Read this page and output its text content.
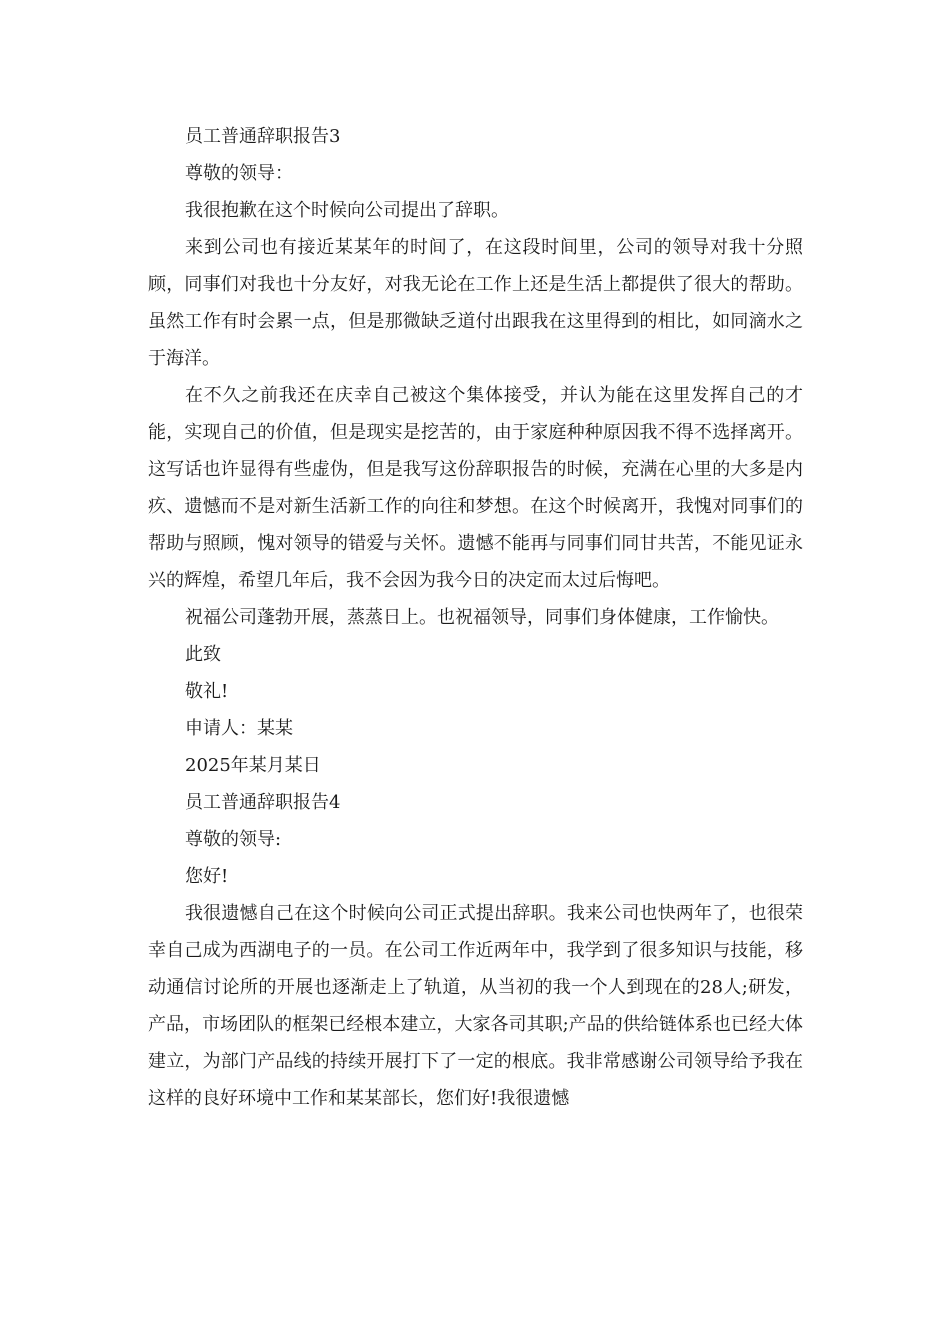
员工普通辞职报告3

尊敬的领导：

我很抱歉在这个时候向公司提出了辞职。

来到公司也有接近某某年的时间了，在这段时间里，公司的领导对我十分照顾，同事们对我也十分友好，对我无论在工作上还是生活上都提供了很大的帮助。虽然工作有时会累一点，但是那微缺乏道付出跟我在这里得到的相比，如同滴水之于海洋。

在不久之前我还在庆幸自己被这个集体接受，并认为能在这里发挥自己的才能，实现自己的价值，但是现实是挖苦的，由于家庭种种原因我不得不选择离开。这写话也许显得有些虚伪，但是我写这份辞职报告的时候，充满在心里的大多是内疚、遗憾而不是对新生活新工作的向往和梦想。在这个时候离开，我愧对同事们的帮助与照顾，愧对领导的错爱与关怀。遗憾不能再与同事们同甘共苦，不能见证永兴的辉煌，希望几年后，我不会因为我今日的决定而太过后悔吧。

祝福公司蓬勃开展，蒸蒸日上。也祝福领导，同事们身体健康，工作愉快。

此致

敬礼!

申请人：某某

2025年某月某日

员工普通辞职报告4

尊敬的领导:

您好!

我很遗憾自己在这个时候向公司正式提出辞职。我来公司也快两年了，也很荣幸自己成为西湖电子的一员。在公司工作近两年中，我学到了很多知识与技能，移动通信讨论所的开展也逐渐走上了轨道，从当初的我一个人到现在的28人;研发，产品，市场团队的框架已经根本建立，大家各司其职;产品的供给链体系也已经大体建立，为部门产品线的持续开展打下了一定的根底。我非常感谢公司领导给予我在这样的良好环境中工作和某某部长，您们好!我很遗憾
